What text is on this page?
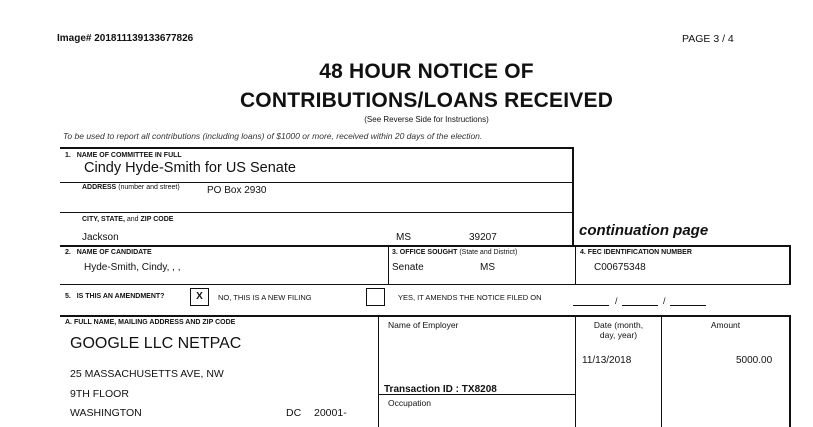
Image# 201811139133677826	PAGE 3 / 4
48 HOUR NOTICE OF
CONTRIBUTIONS/LOANS RECEIVED
(See Reverse Side for Instructions)
To be used to report all contributions (including loans) of $1000 or more, received within 20 days of the election.
1. NAME OF COMMITTEE IN FULL
Cindy Hyde-Smith for US Senate
ADDRESS (number and street)	PO Box 2930
CITY, STATE, and ZIP CODE
Jackson	MS	39207	continuation page
2. NAME OF CANDIDATE
Hyde-Smith, Cindy, , ,
3. OFFICE SOUGHT (State and District)
Senate	MS
4. FEC IDENTIFICATION NUMBER
C00675348
5. IS THIS AN AMENDMENT?	X	NO, THIS IS A NEW FILING	YES, IT AMENDS THE NOTICE FILED ON	/	/
A. FULL NAME, MAILING ADDRESS AND ZIP CODE	Name of Employer	Date (month,
day, year)
Amount
GOOGLE LLC NETPAC
25 MASSACHUSETTS AVE, NW
9TH FLOOR
WASHINGTON	DC 20001-
11/13/2018	5000.00
Transaction ID : TX8208
Occupation
